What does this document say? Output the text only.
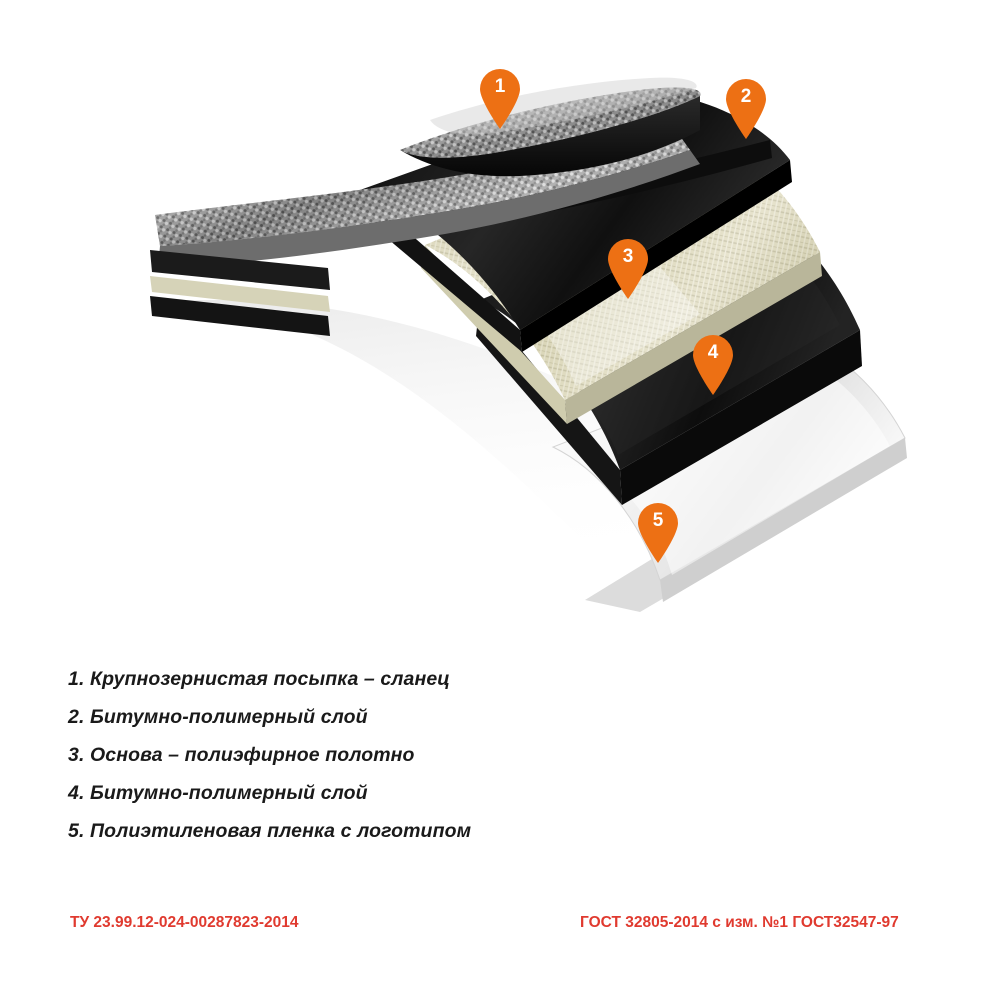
1	2
3
4
5
1. Крупнозернистая посыпка – сланец
2. Битумно-полимерный слой
3. Основа – полиэфирное полотно
4. Битумно-полимерный слой
5. Полиэтиленовая пленка с логотипом
ТУ 23.99.12-024-00287823-2014	ГОСТ 32805-2014 с изм. №1 ГОСТ32547-97
